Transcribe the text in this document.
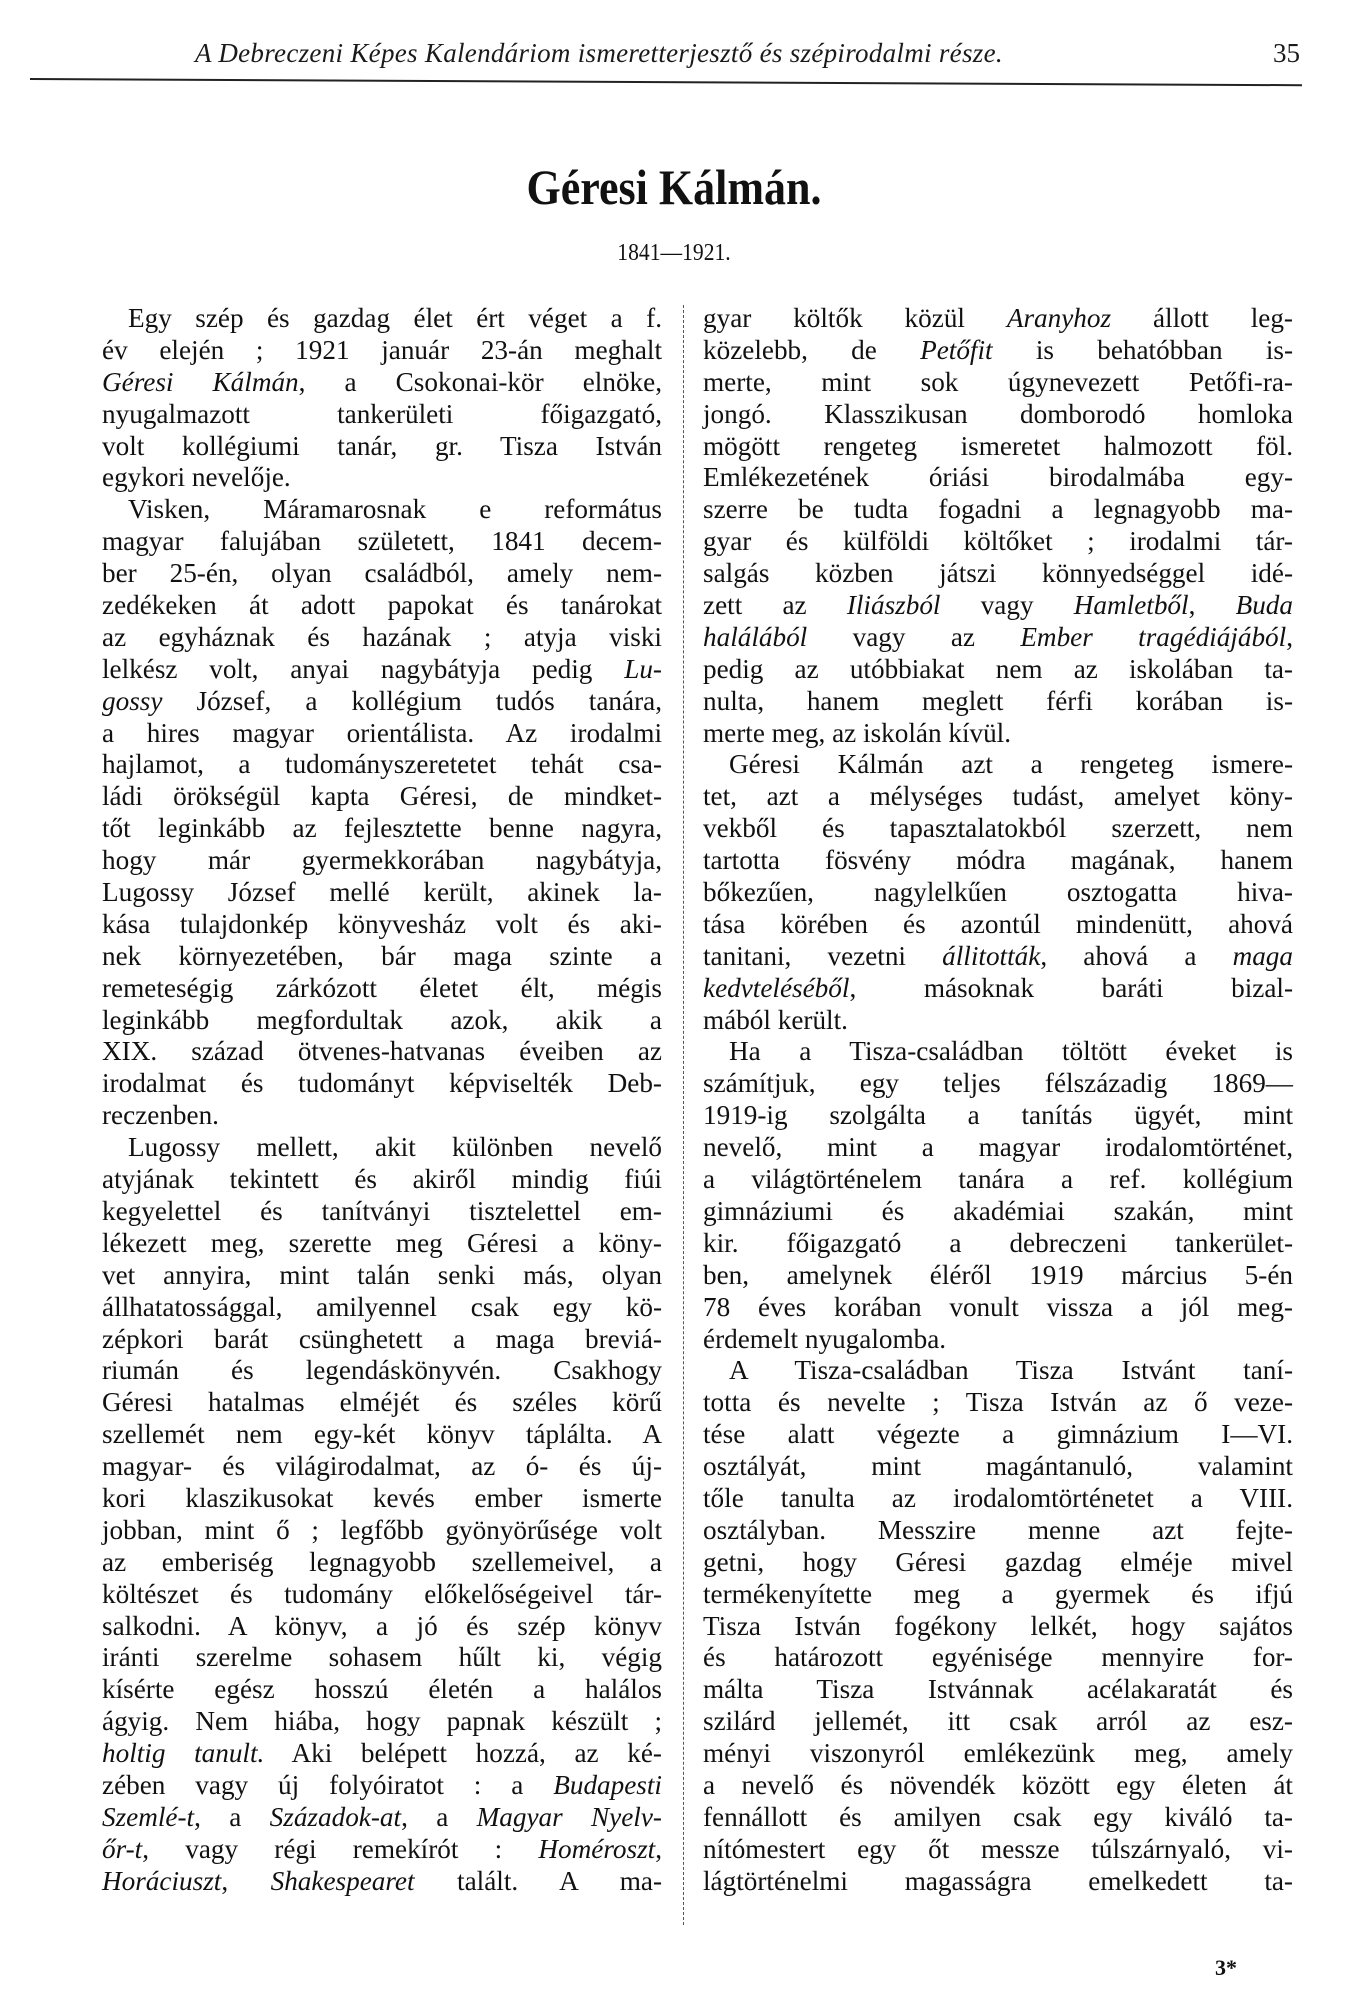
A Debreczeni Képes Kalendáriom ismeretterjesztő és szépirodalmi része.	35
Géresi Kálmán.
1841—1921.
Egy szép és gazdag élet ért véget a f.
év elején ; 1921 január 23-án meghalt
Géresi Kálmán, a Csokonai-kör elnöke,
nyugalmazott tankerületi főigazgató,
volt kollégiumi tanár, gr. Tisza István
egykori nevelője.
Visken, Máramarosnak e református
magyar falujában született, 1841 decem-
ber 25-én, olyan családból, amely nem-
zedékeken át adott papokat és tanárokat
az egyháznak és hazának ; atyja viski
lelkész volt, anyai nagybátyja pedig Lu-
gossy József, a kollégium tudós tanára,
a hires magyar orientálista. Az irodalmi
hajlamot, a tudományszeretetet tehát csa-
ládi örökségül kapta Géresi, de mindket-
tőt leginkább az fejlesztette benne nagyra,
hogy már gyermekkorában nagybátyja,
Lugossy József mellé került, akinek la-
kása tulajdonkép könyvesház volt és aki-
nek környezetében, bár maga szinte a
remeteségig zárkózott életet élt, mégis
leginkább megfordultak azok, akik a
XIX. század ötvenes-hatvanas éveiben az
irodalmat és tudományt képviselték Deb-
reczenben.
Lugossy mellett, akit különben nevelő
atyjának tekintett és akiről mindig fiúi
kegyelettel és tanítványi tisztelettel em-
lékezett meg, szerette meg Géresi a köny-
vet annyira, mint talán senki más, olyan
állhatatossággal, amilyennel csak egy kö-
zépkori barát csünghetett a maga breviá-
riumán és legendáskönyvén. Csakhogy
Géresi hatalmas elméjét és széles körű
szellemét nem egy-két könyv táplálta. A
magyar- és világirodalmat, az ó- és új-
kori klaszikusokat kevés ember ismerte
jobban, mint ő ; legfőbb gyönyörűsége volt
az emberiség legnagyobb szellemeivel, a
költészet és tudomány előkelőségeivel tár-
salkodni. A könyv, a jó és szép könyv
iránti szerelme sohasem hűlt ki, végig
kísérte egész hosszú életén a halálos
ágyig. Nem hiába, hogy papnak készült ;
holtig tanult. Aki belépett hozzá, az ké-
zében vagy új folyóiratot : a Budapesti
Szemlé-t, a Századok-at, a Magyar Nyelv-
őr-t, vagy régi remekírót : Homéroszt,
Horáciuszt, Shakespearet talált. A ma-
gyar költők közül Aranyhoz állott leg-
közelebb, de Petőfit is behatóbban is-
merte, mint sok úgynevezett Petőfi-ra-
jongó. Klasszikusan domborodó homloka
mögött rengeteg ismeretet halmozott föl.
Emlékezetének óriási birodalmába egy-
szerre be tudta fogadni a legnagyobb ma-
gyar és külföldi költőket ; irodalmi tár-
salgás közben játszi könnyedséggel idé-
zett az Iliászból vagy Hamletből, Buda
halálából vagy az Ember tragédiájából,
pedig az utóbbiakat nem az iskolában ta-
nulta, hanem meglett férfi korában is-
merte meg, az iskolán kívül.
Géresi Kálmán azt a rengeteg ismere-
tet, azt a mélységes tudást, amelyet köny-
vekből és tapasztalatokból szerzett, nem
tartotta fösvény módra magának, hanem
bőkezűen, nagylelkűen osztogatta hiva-
tása körében és azontúl mindenütt, ahová
tanitani, vezetni állitották, ahová a maga
kedvteléséből, másoknak baráti bizal-
mából került.
Ha a Tisza-családban töltött éveket is
számítjuk, egy teljes félszázadig 1869—
1919-ig szolgálta a tanítás ügyét, mint
nevelő, mint a magyar irodalomtörténet,
a világtörténelem tanára a ref. kollégium
gimnáziumi és akadémiai szakán, mint
kir. főigazgató a debreczeni tankerület-
ben, amelynek éléről 1919 március 5-én
78 éves korában vonult vissza a jól meg-
érdemelt nyugalomba.
A Tisza-családban Tisza Istvánt taní-
totta és nevelte ; Tisza István az ő veze-
tése alatt végezte a gimnázium I—VI.
osztályát, mint magántanuló, valamint
tőle tanulta az irodalomtörténetet a VIII.
osztályban. Messzire menne azt fejte-
getni, hogy Géresi gazdag elméje mivel
termékenyítette meg a gyermek és ifjú
Tisza István fogékony lelkét, hogy sajátos
és határozott egyénisége mennyire for-
málta Tisza Istvánnak acélakaratát és
szilárd jellemét, itt csak arról az esz-
ményi viszonyról emlékezünk meg, amely
a nevelő és növendék között egy életen át
fennállott és amilyen csak egy kiváló ta-
nítómestert egy őt messze túlszárnyaló, vi-
lágtörténelmi magasságra emelkedett ta-
3*
